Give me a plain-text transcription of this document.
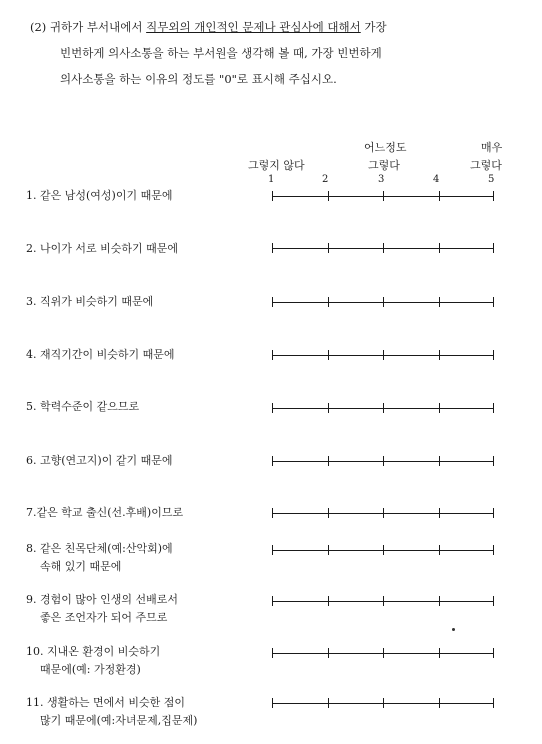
(2) 귀하가 부서내에서 직무외의 개인적인 문제나 관심사에 대해서 가장
빈번하게 의사소통을 하는 부서원을 생각해 볼 때, 가장 빈번하게
의사소통을 하는 이유의 정도를 "0"로 표시해 주십시오.
그렇지 않다
어느정도
그렇다
매우
그렇다
1	2	3	4	5
1. 같은 남성(여성)이기 때문에
2. 나이가 서로 비슷하기 때문에
3. 직위가 비슷하기 때문에
4. 재직기간이 비슷하기 때문에
5. 학력수준이 같으므로
6. 고향(연고지)이 같기 때문에
7.같은 학교 출신(선.후배)이므로
8. 같은 친목단체(예:산악회)에
속해 있기 때문에
9. 경험이 많아 인생의 선배로서
좋은 조언자가 되어 주므로
10. 지내온 환경이 비슷하기
때문에(예: 가정환경)
11. 생활하는 면에서 비슷한 점이
많기 때문에(예:자녀문제,집문제)
